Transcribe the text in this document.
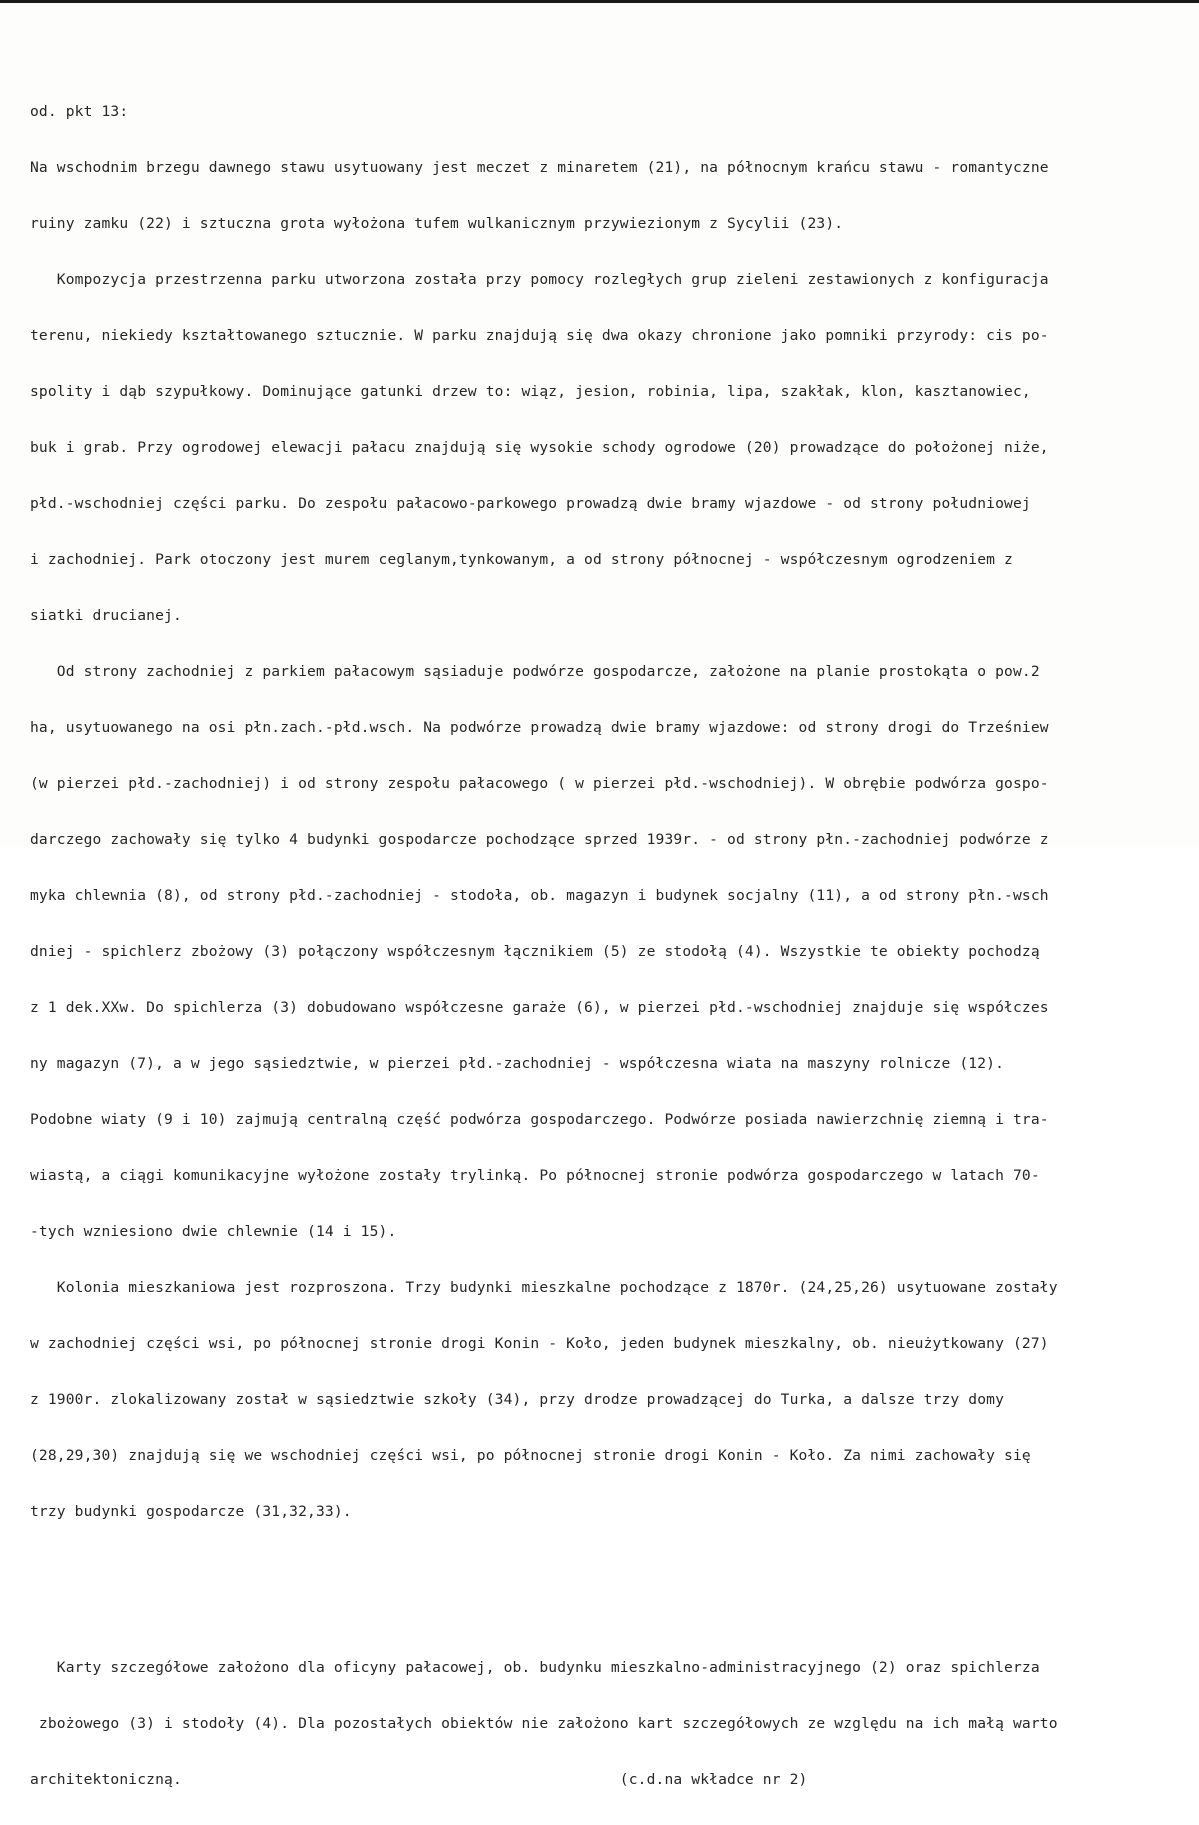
od. pkt 13:

Na wschodnim brzegu dawnego stawu usytuowany jest meczet z minaretem (21), na północnym krańcu stawu - romantyczne

ruiny zamku (22) i sztuczna grota wyłożona tufem wulkanicznym przywiezionym z Sycylii (23).

Kompozycja przestrzenna parku utworzona została przy pomocy rozległych grup zieleni zestawionych z konfiguracja

terenu, niekiedy kształtowanego sztucznie. W parku znajdują się dwa okazy chronione jako pomniki przyrody: cis po-

spolity i dąb szypułkowy. Dominujące gatunki drzew to: wiąz, jesion, robinia, lipa, szakłak, klon, kasztanowiec,

buk i grab. Przy ogrodowej elewacji pałacu znajdują się wysokie schody ogrodowe (20) prowadzące do położonej niże,

płd.-wschodniej części parku. Do zespołu pałacowo-parkowego prowadzą dwie bramy wjazdowe - od strony południowej

i zachodniej. Park otoczony jest murem ceglanym,tynkowanym, a od strony północnej - współczesnym ogrodzeniem z

siatki drucianej.

Od strony zachodniej z parkiem pałacowym sąsiaduje podwórze gospodarcze, założone na planie prostokąta o pow.2

ha, usytuowanego na osi płn.zach.-płd.wsch. Na podwórze prowadzą dwie bramy wjazdowe: od strony drogi do Trześniew

(w pierzei płd.-zachodniej) i od strony zespołu pałacowego ( w pierzei płd.-wschodniej). W obrębie podwórza gospo-

darczego zachowały się tylko 4 budynki gospodarcze pochodzące sprzed 1939r. - od strony płn.-zachodniej podwórze z

myka chlewnia (8), od strony płd.-zachodniej - stodoła, ob. magazyn i budynek socjalny (11), a od strony płn.-wsch

dniej - spichlerz zbożowy (3) połączony współczesnym łącznikiem (5) ze stodołą (4). Wszystkie te obiekty pochodzą

z 1 dek.XXw. Do spichlerza (3) dobudowano współczesne garaże (6), w pierzei płd.-wschodniej znajduje się współczes

ny magazyn (7), a w jego sąsiedztwie, w pierzei płd.-zachodniej - współczesna wiata na maszyny rolnicze (12).

Podobne wiaty (9 i 10) zajmują centralną część podwórza gospodarczego. Podwórze posiada nawierzchnię ziemną i tra-

wiastą, a ciągi komunikacyjne wyłożone zostały trylinką. Po północnej stronie podwórza gospodarczego w latach 70-

-tych wzniesiono dwie chlewnie (14 i 15).

Kolonia mieszkaniowa jest rozproszona. Trzy budynki mieszkalne pochodzące z 1870r. (24,25,26) usytuowane zostały

w zachodniej części wsi, po północnej stronie drogi Konin - Koło, jeden budynek mieszkalny, ob. nieużytkowany (27)

z 1900r. zlokalizowany został w sąsiedztwie szkoły (34), przy drodze prowadzącej do Turka, a dalsze trzy domy

(28,29,30) znajdują się we wschodniej części wsi, po północnej stronie drogi Konin - Koło. Za nimi zachowały się

trzy budynki gospodarcze (31,32,33).

Karty szczegółowe założono dla oficyny pałacowej, ob. budynku mieszkalno-administracyjnego (2) oraz spichlerza

zbożowego (3) i stodoły (4). Dla pozostałych obiektów nie założono kart szczegółowych ze względu na ich małą warto

architektoniczną.                                                 (c.d.na wkładce nr 2)
